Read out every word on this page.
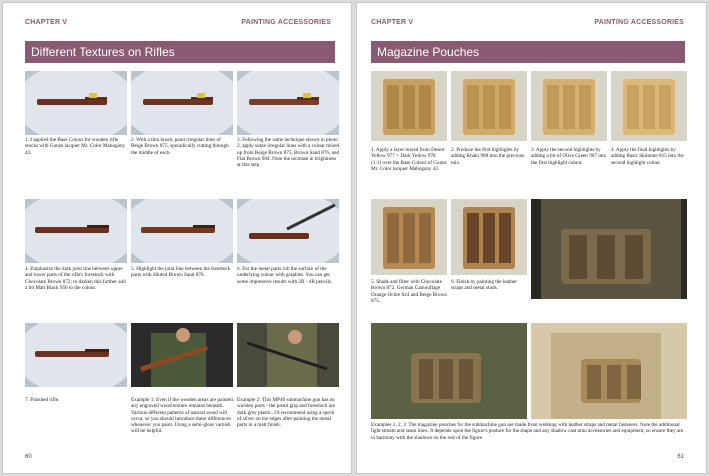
CHAPTER V	PAINTING ACCESSORIES
Different Textures on Rifles
1. I applied the Base Colour for wooden rifle stocks with Gunze lacquer Mr. Color Mahogany 42.
2. With a thin brush, paint irregular lines of Beige Brown 875, sporadically cutting through the middle of each.
3. Following the same technique shown in photo 2, apply some irregular lines with a colour mixed up from Beige Brown 875, Brown Sand 876, and Flat Brown 984. Note the increase in brightness at this step.
4. Emphasize the dark joint line between upper and lower parts of the rifle's forestock with Chocolate Brown 872; to darken this further add a bit Matt Black 950 to the colour.
5. Highlight the joint line between the forestock parts with diluted Brown Sand 876.
6. For the metal parts rub the surface of the underlying colour with graphite. You can get some impressive results with 2B - 4B pencils.
7. Finished rifle.	Example 1: Even if the wooden areas are painted, any engraved wood texture remains beneath. Various different patterns of natural wood will occur, so you should introduce these differences whenever you paint. Using a semi-gloss varnish will be helpful.
Example 2: This MP40 submachine gun has no wooden parts - the pistol grip and forestock are dark grey plastic. I'd recommend using a speck of silver on the edges after painting the metal parts in a matt finish.
60
CHAPTER V	PAINTING ACCESSORIES
Magazine Pouches
1. Apply a layer mixed from Desert Yellow 977 + Dark Yellow 978 (1:1) over the Base Colour of Gunze Mr. Color lacquer Mahogany 42.
2. Produce the first highlights by adding Khaki 988 into the previous mix.
3. Apply the second highlights by adding a bit of Olive Green 967 into the first highlight colour.
4. Apply the final highlights by adding Basic Skintone 815 into the second highlight colour.
1
5. Shade and filter with Chocolate Brown 872, German Camouflage Orange Ochre 824 and Beige Brown 875.
6. Finish by painting the leather straps and metal studs.
Examples 1, 2, 3: The magazine pouches for the submachine gun are made from webbing with leather straps and metal fasteners. Note the additional light stream and seam lines. It depends upon the figure's posture for the shape and any shadow cast onto accessories and equipment, so ensure they are in harmony with the shadows on the rest of the figure.
61
